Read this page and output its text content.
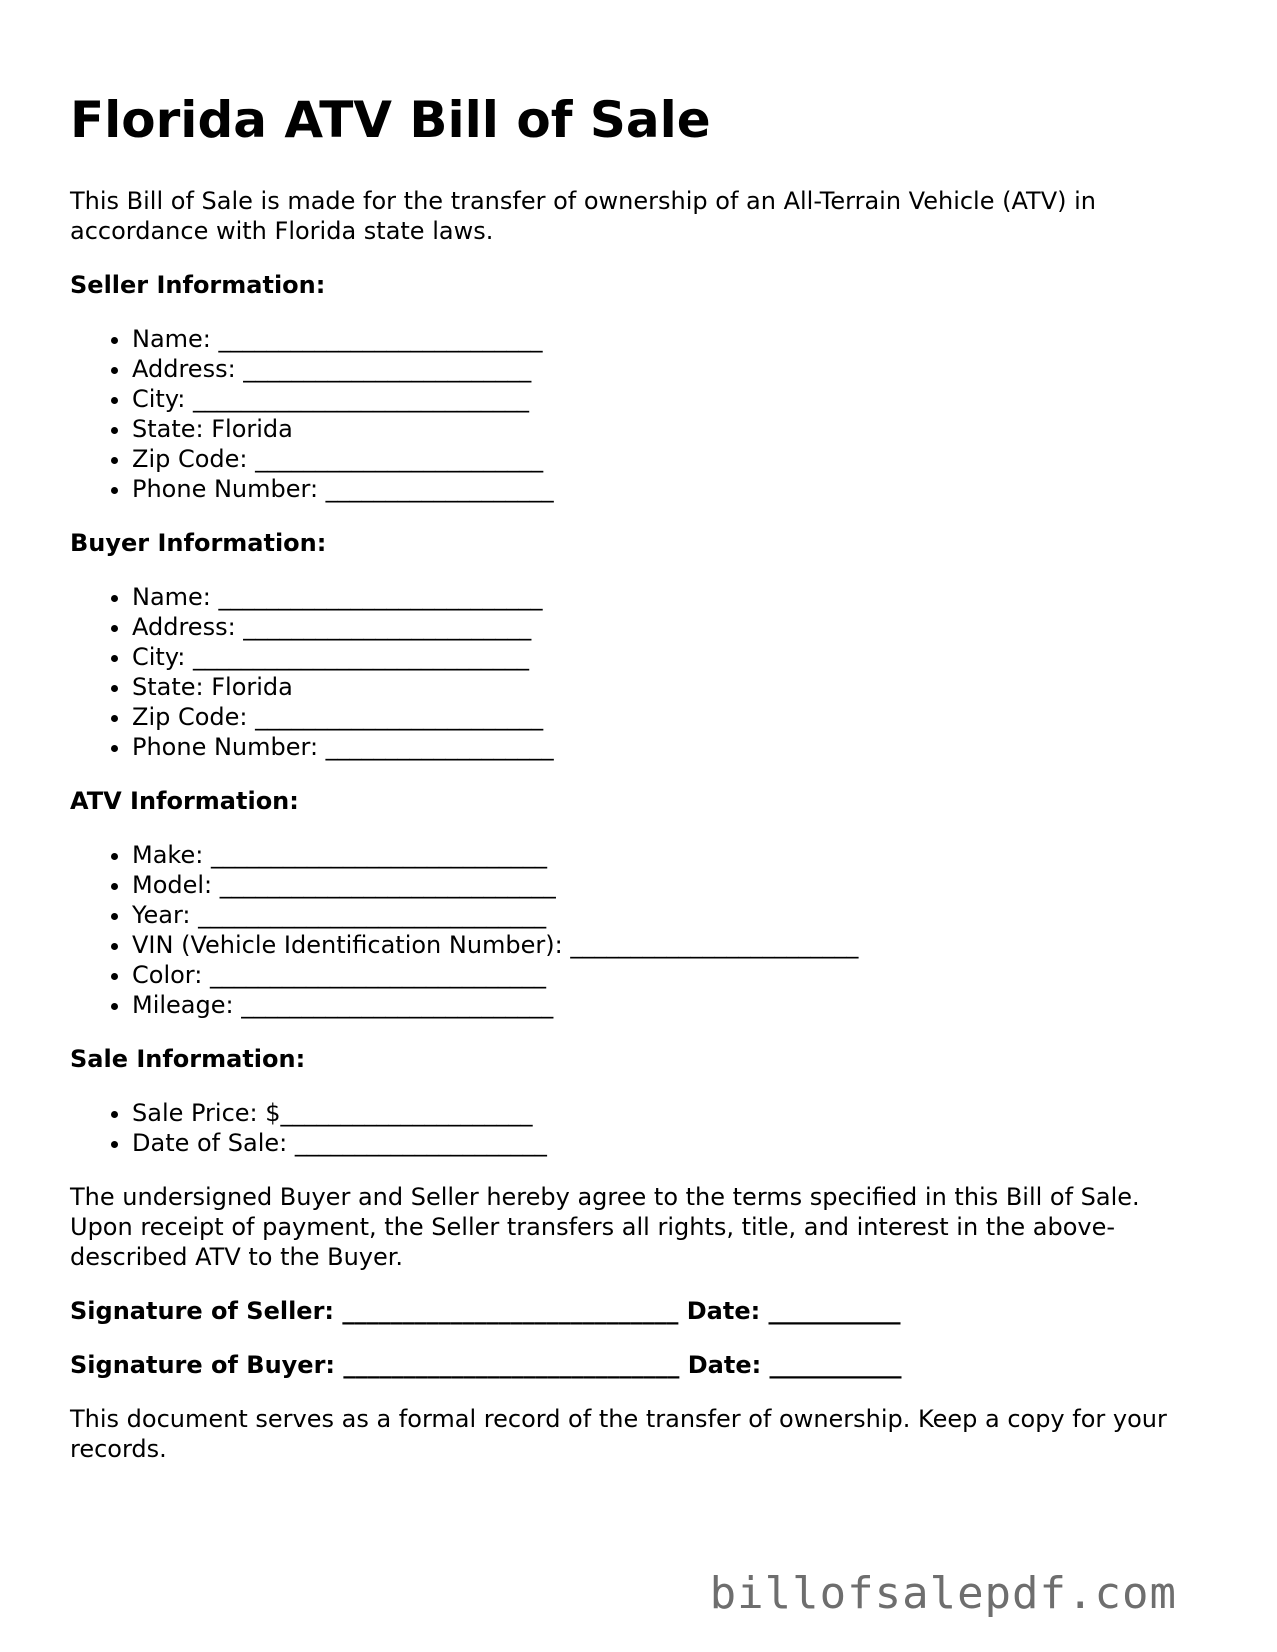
Florida ATV Bill of Sale

This Bill of Sale is made for the transfer of ownership of an All-Terrain Vehicle (ATV) in accordance with Florida state laws.

Seller Information:
• Name: ___________________________
• Address: ________________________
• City: ____________________________
• State: Florida
• Zip Code: ________________________
• Phone Number: ___________________
Buyer Information:
• Name: ___________________________
• Address: ________________________
• City: ____________________________
• State: Florida
• Zip Code: ________________________
• Phone Number: ___________________
ATV Information:
• Make: ____________________________
• Model: ____________________________
• Year: _____________________________
• VIN (Vehicle Identification Number): ________________________
• Color: ____________________________
• Mileage: __________________________
Sale Information:
• Sale Price: $_____________________
• Date of Sale: _____________________

The undersigned Buyer and Seller hereby agree to the terms specified in this Bill of Sale. Upon receipt of payment, the Seller transfers all rights, title, and interest in the above-described ATV to the Buyer.

Signature of Seller: ____________________________ Date: ___________

Signature of Buyer: ____________________________ Date: ___________

This document serves as a formal record of the transfer of ownership. Keep a copy for your records.

billofsalepdf.com
